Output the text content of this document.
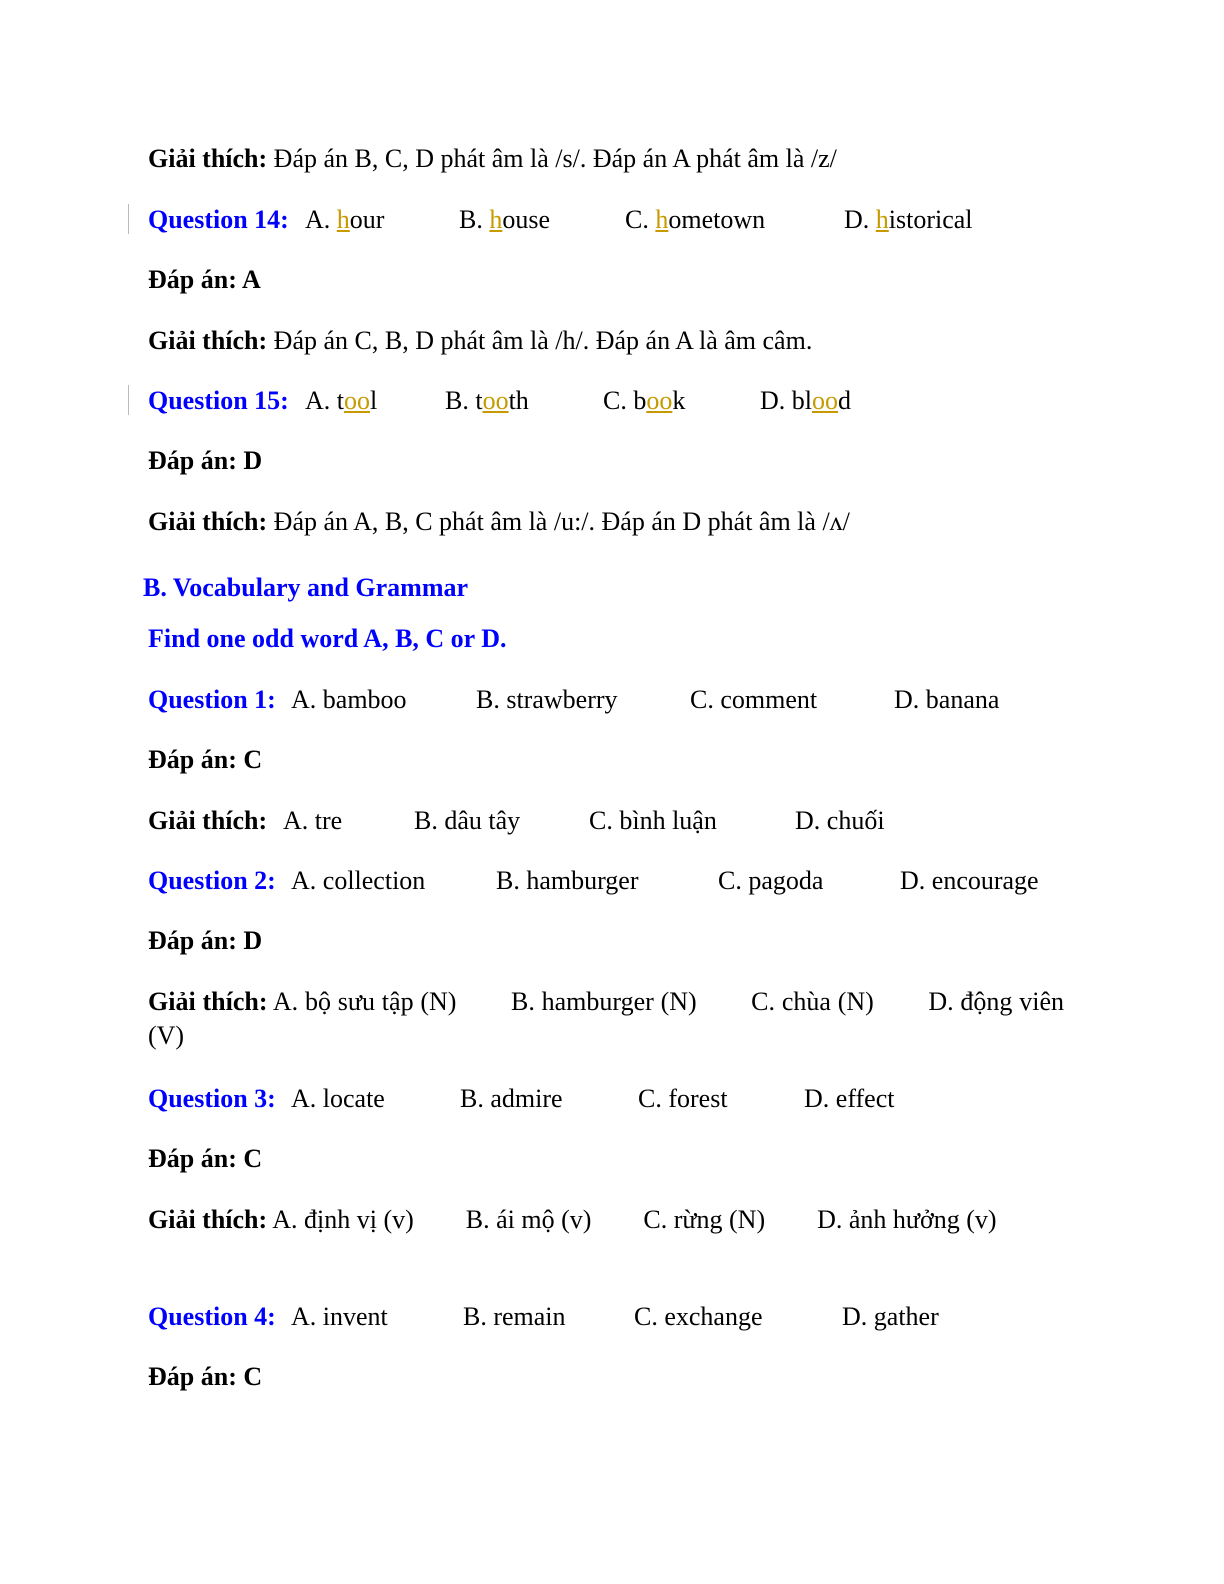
Giải thích: Đáp án B, C, D phát âm là /s/. Đáp án A phát âm là /z/
Question 14: A. hour	B. house	C. hometown	D. historical
Đáp án: A
Giải thích: Đáp án C, B, D phát âm là /h/. Đáp án A là âm câm.
Question 15: A. tool	B. tooth	C. book	D. blood
Đáp án: D
Giải thích: Đáp án A, B, C phát âm là /u:/. Đáp án D phát âm là /ʌ/
B. Vocabulary and Grammar
Find one odd word A, B, C or D.
Question 1: A. bamboo	B. strawberry	C. comment	D. banana
Đáp án: C
Giải thích: A. tre	B. dâu tây	C. bình luận	D. chuối
Question 2: A. collection	B. hamburger	C. pagoda	D. encourage
Đáp án: D
Giải thích: A. bộ sưu tập (N)        B. hamburger (N)        C. chùa (N)        D. động viên (V)
Question 3: A. locate	B. admire	C. forest	D. effect
Đáp án: C
Giải thích: A. định vị (v)        B. ái mộ (v)        C. rừng (N)        D. ảnh hưởng (v)
Question 4: A. invent	B. remain	C. exchange	D. gather
Đáp án: C
